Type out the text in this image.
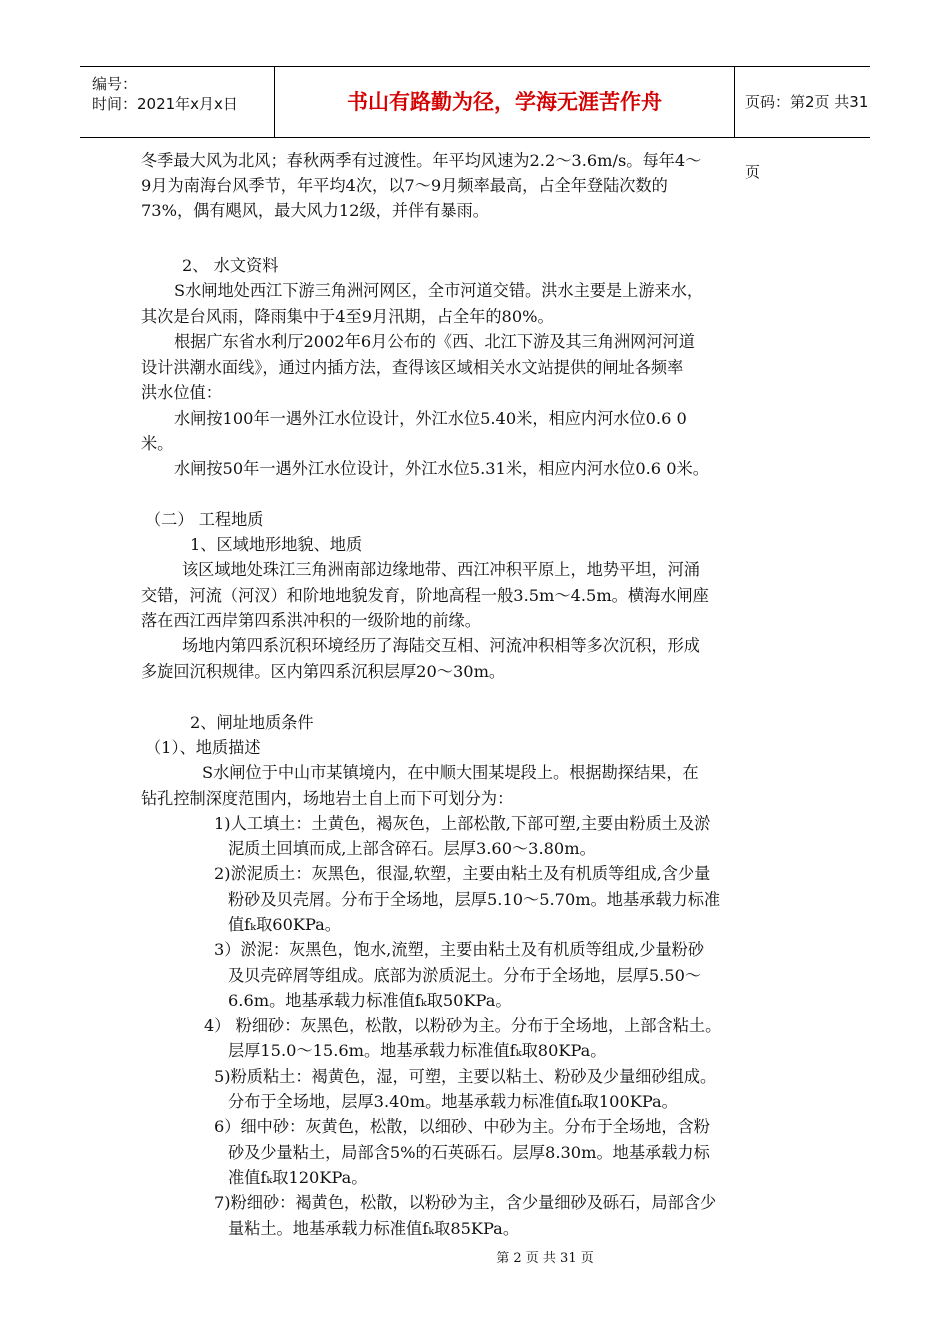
编号：
时间：2021年x月x日	书山有路勤为径，学海无涯苦作舟	页码：第2页 共31页
冬季最大风为北风；春秋两季有过渡性。年平均风速为2.2～3.6m/s。每年4～
9月为南海台风季节，年平均4次，以7～9月频率最高，占全年登陆次数的
73%，偶有飓风，最大风力12级，并伴有暴雨。
2、 水文资料
S水闸地处西江下游三角洲河网区，全市河道交错。洪水主要是上游来水，
其次是台风雨，降雨集中于4至9月汛期，占全年的80%。
根据广东省水利厅2002年6月公布的《西、北江下游及其三角洲网河河道
设计洪潮水面线》，通过内插方法，查得该区域相关水文站提供的闸址各频率
洪水位值：
水闸按100年一遇外江水位设计，外江水位5.40米，相应内河水位0.6 0
米。
水闸按50年一遇外江水位设计，外江水位5.31米，相应内河水位0.6 0米。
（二） 工程地质
1、区域地形地貌、地质
该区域地处珠江三角洲南部边缘地带、西江冲积平原上，地势平坦，河涌
交错，河流（河汊）和阶地地貌发育，阶地高程一般3.5m～4.5m。横海水闸座
落在西江西岸第四系洪冲积的一级阶地的前缘。
场地内第四系沉积环境经历了海陆交互相、河流冲积相等多次沉积，形成
多旋回沉积规律。区内第四系沉积层厚20～30m。
2、闸址地质条件
（1）、地质描述
S水闸位于中山市某镇境内，在中顺大围某堤段上。根据勘探结果，在
钻孔控制深度范围内，场地岩土自上而下可划分为：
1)人工填土：土黄色，褐灰色，上部松散,下部可塑,主要由粉质土及淤
泥质土回填而成,上部含碎石。层厚3.60～3.80m。
2)淤泥质土：灰黑色，很湿,软塑，主要由粘土及有机质等组成,含少量
粉砂及贝壳屑。分布于全场地，层厚5.10～5.70m。地基承载力标准
值fₖ取60KPa。
3）淤泥：灰黑色，饱水,流塑，主要由粘土及有机质等组成,少量粉砂
及贝壳碎屑等组成。底部为淤质泥土。分布于全场地，层厚5.50～
6.6m。地基承载力标准值fₖ取50KPa。
4） 粉细砂：灰黑色，松散，以粉砂为主。分布于全场地，上部含粘土。
层厚15.0～15.6m。地基承载力标准值fₖ取80KPa。
5)粉质粘土：褐黄色，湿，可塑，主要以粘土、粉砂及少量细砂组成。
分布于全场地，层厚3.40m。地基承载力标准值fₖ取100KPa。
6）细中砂：灰黄色，松散，以细砂、中砂为主。分布于全场地，含粉
砂及少量粘土，局部含5%的石英砾石。层厚8.30m。地基承载力标
准值fₖ取120KPa。
7)粉细砂：褐黄色，松散，以粉砂为主，含少量细砂及砾石，局部含少
量粘土。地基承载力标准值fₖ取85KPa。
第 2 页 共 31 页
